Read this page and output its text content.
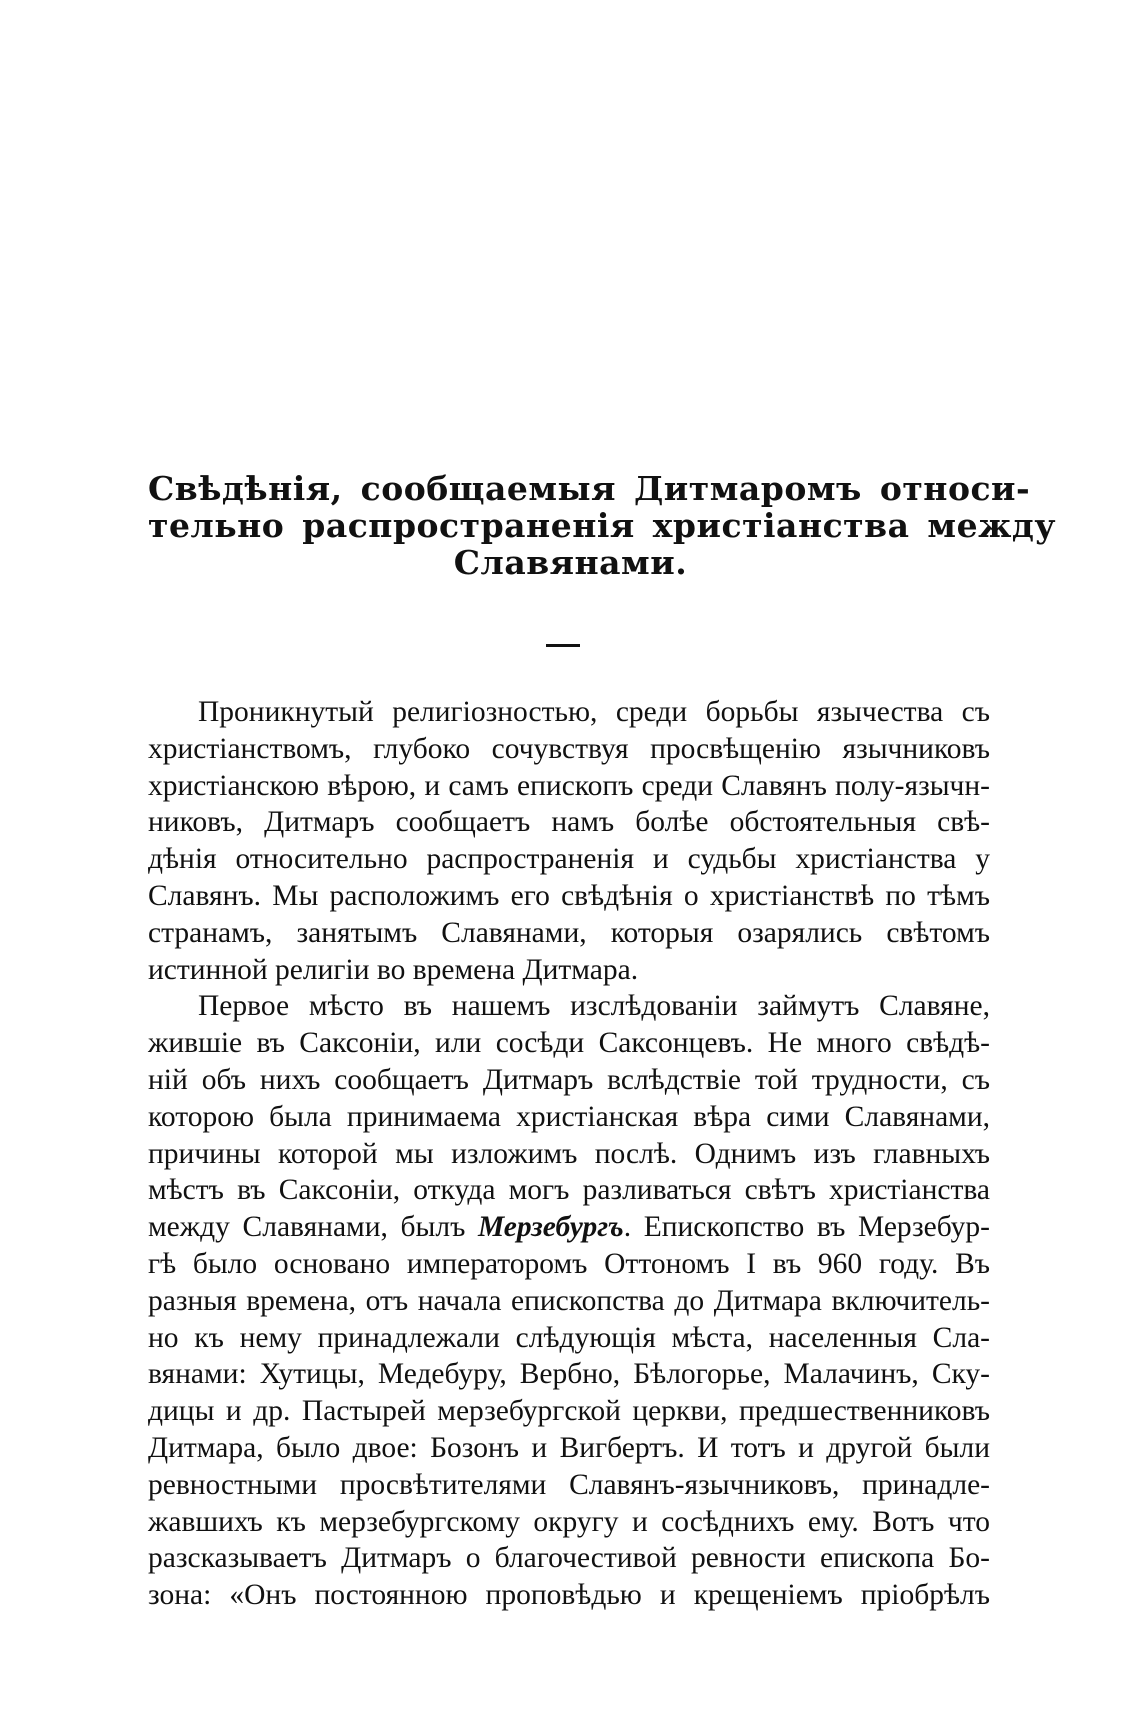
Свѣдѣнія, сообщаемыя Дитмаромъ относи-
тельно распространенія христіанства между
Славянами.
Проникнутый религіозностью, среди борьбы язычества съ
христіанствомъ, глубоко сочувствуя просвѣщенію язычниковъ
христіанскою вѣрою, и самъ епископъ среди Славянъ полу-язычн-
никовъ, Дитмаръ сообщаетъ намъ болѣе обстоятельныя свѣ-
дѣнія относительно распространенія и судьбы христіанства у
Славянъ. Мы расположимъ его свѣдѣнія о христіанствѣ по тѣмъ
странамъ, занятымъ Славянами, которыя озарялись свѣтомъ
истинной религіи во времена Дитмара.
Первое мѣсто въ нашемъ изслѣдованіи займутъ Славяне,
жившіе въ Саксоніи, или сосѣди Саксонцевъ. Не много свѣдѣ-
ній объ нихъ сообщаетъ Дитмаръ вслѣдствіе той трудности, съ
которою была принимаема христіанская вѣра сими Славянами,
причины которой мы изложимъ послѣ. Однимъ изъ главныхъ
мѣстъ въ Саксоніи, откуда могъ разливаться свѣтъ христіанства
между Славянами, былъ Мерзебургъ. Епископство въ Мерзебур-
гѣ было основано императоромъ Оттономъ I въ 960 году. Въ
разныя времена, отъ начала епископства до Дитмара включитель-
но къ нему принадлежали слѣдующія мѣста, населенныя Сла-
вянами: Хутицы, Медебуру, Вербно, Бѣлогорье, Малачинъ, Ску-
дицы и др. Пастырей мерзебургской церкви, предшественниковъ
Дитмара, было двое: Бозонъ и Вигбертъ. И тотъ и другой были
ревностными просвѣтителями Славянъ-язычниковъ, принадле-
жавшихъ къ мерзебургскому округу и сосѣднихъ ему. Вотъ что
разсказываетъ Дитмаръ о благочестивой ревности епископа Бо-
зона: «Онъ постоянною проповѣдью и крещеніемъ пріобрѣлъ
